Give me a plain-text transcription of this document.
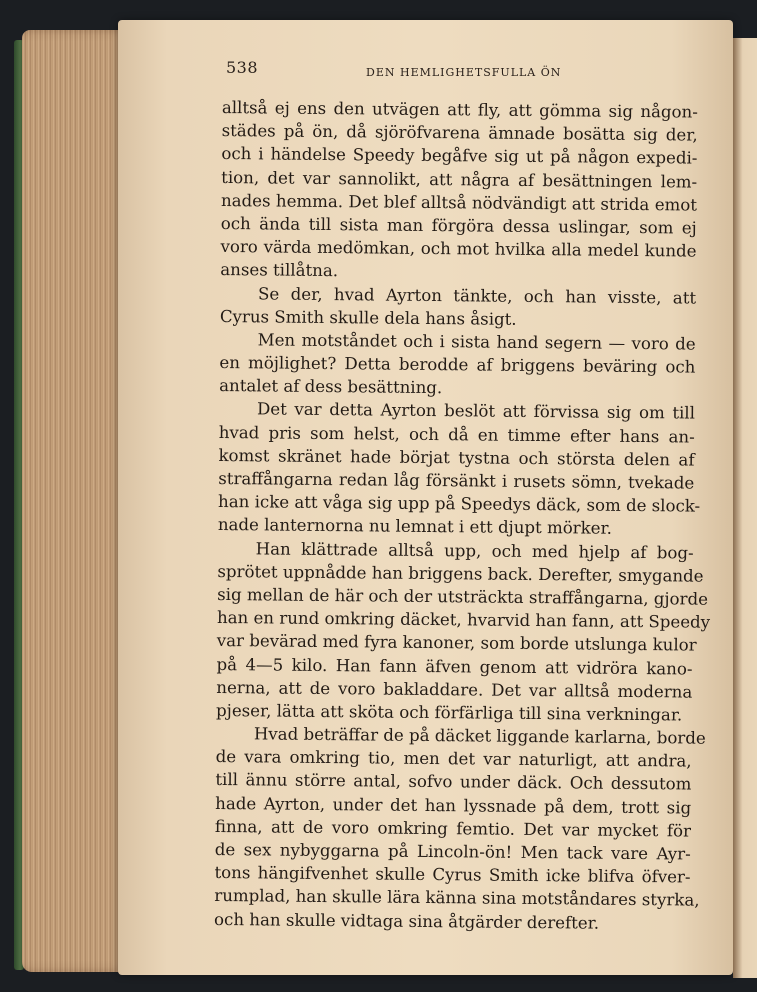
538	DEN HEMLIGHETSFULLA ÖN
alltså ej ens den utvägen att fly, att gömma sig någon-
städes på ön, då sjöröfvarena ämnade bosätta sig der,
och i händelse Speedy begåfve sig ut på någon expedi-
tion, det var sannolikt, att några af besättningen lem-
nades hemma. Det blef alltså nödvändigt att strida emot
och ända till sista man förgöra dessa uslingar, som ej
voro värda medömkan, och mot hvilka alla medel kunde
anses tillåtna.
Se der, hvad Ayrton tänkte, och han visste, att
Cyrus Smith skulle dela hans åsigt.
Men motståndet och i sista hand segern — voro de
en möjlighet? Detta berodde af briggens beväring och
antalet af dess besättning.
Det var detta Ayrton beslöt att förvissa sig om till
hvad pris som helst, och då en timme efter hans an-
komst skränet hade börjat tystna och största delen af
straffångarna redan låg försänkt i rusets sömn, tvekade
han icke att våga sig upp på Speedys däck, som de slock-
nade lanternorna nu lemnat i ett djupt mörker.
Han klättrade alltså upp, och med hjelp af bog-
sprötet uppnådde han briggens back. Derefter, smygande
sig mellan de här och der utsträckta straffångarna, gjorde
han en rund omkring däcket, hvarvid han fann, att Speedy
var bevärad med fyra kanoner, som borde utslunga kulor
på 4—5 kilo. Han fann äfven genom att vidröra kano-
nerna, att de voro bakladdare. Det var alltså moderna
pjeser, lätta att sköta och förfärliga till sina verkningar.
Hvad beträffar de på däcket liggande karlarna, borde
de vara omkring tio, men det var naturligt, att andra,
till ännu större antal, sofvo under däck. Och dessutom
hade Ayrton, under det han lyssnade på dem, trott sig
finna, att de voro omkring femtio. Det var mycket för
de sex nybyggarna på Lincoln-ön! Men tack vare Ayr-
tons hängifvenhet skulle Cyrus Smith icke blifva öfver-
rumplad, han skulle lära känna sina motståndares styrka,
och han skulle vidtaga sina åtgärder derefter.
